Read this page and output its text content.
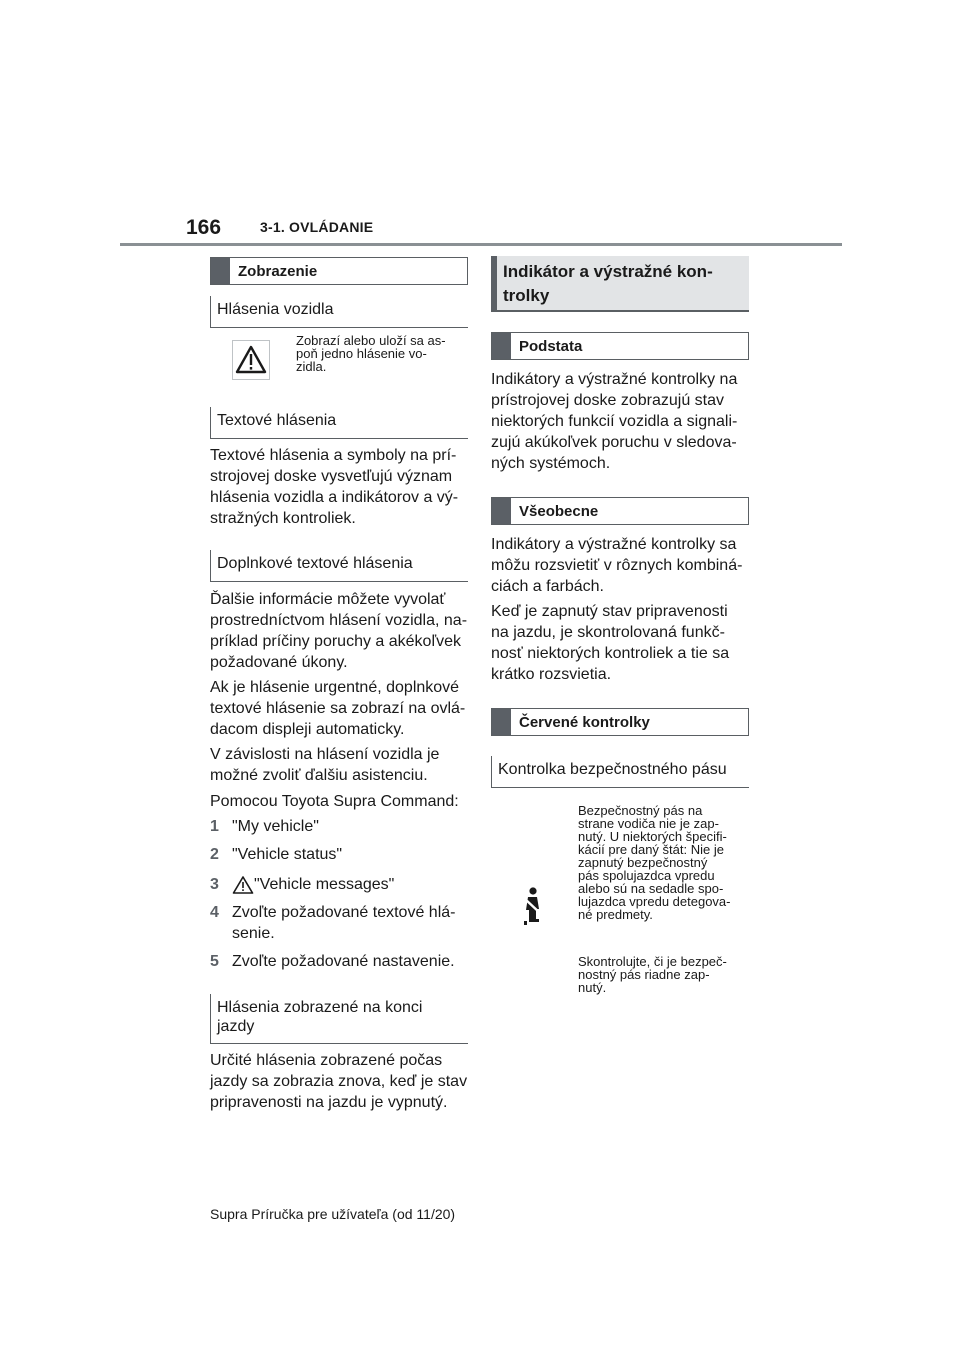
166	3-1. OVLÁDANIE
Zobrazenie
Hlásenia vozidla
Zobrazí alebo uloží sa as-
poň jedno hlásenie vo-
zidla.
Textové hlásenia
Textové hlásenia a symboly na prí-
strojovej doske vysvetľujú význam
hlásenia vozidla a indikátorov a vý-
stražných kontroliek.
Doplnkové textové hlásenia
Ďalšie informácie môžete vyvolať
prostredníctvom hlásení vozidla, na-
príklad príčiny poruchy a akékoľvek
požadované úkony.
Ak je hlásenie urgentné, doplnkové
textové hlásenie sa zobrazí na ovlá-
dacom displeji automaticky.
V závislosti na hlásení vozidla je
možné zvoliť ďalšiu asistenciu.
Pomocou Toyota Supra Command:
1 "My vehicle"
2 "Vehicle status"
3 "Vehicle messages"
4 Zvoľte požadované textové hlá-
senie.
5 Zvoľte požadované nastavenie.
Hlásenia zobrazené na konci
jazdy
Určité hlásenia zobrazené počas
jazdy sa zobrazia znova, keď je stav
pripravenosti na jazdu je vypnutý.
Indikátor a výstražné kon-
trolky
Podstata
Indikátory a výstražné kontrolky na
prístrojovej doske zobrazujú stav
niektorých funkcií vozidla a signali-
zujú akúkoľvek poruchu v sledova-
ných systémoch.
Všeobecne
Indikátory a výstražné kontrolky sa
môžu rozsvietiť v rôznych kombiná-
ciách a farbách.
Keď je zapnutý stav pripravenosti
na jazdu, je skontrolovaná funkč-
nosť niektorých kontroliek a tie sa
krátko rozsvietia.
Červené kontrolky
Kontrolka bezpečnostného pásu
Bezpečnostný pás na
strane vodiča nie je zap-
nutý. U niektorých špecifi-
kácií pre daný štát: Nie je
zapnutý bezpečnostný
pás spolujazdca vpredu
alebo sú na sedadle spo-
lujazdca vpredu detegova-
né predmety.
Skontrolujte, či je bezpeč-
nostný pás riadne zap-
nutý.
Supra Príručka pre užívateľa (od 11/20)
